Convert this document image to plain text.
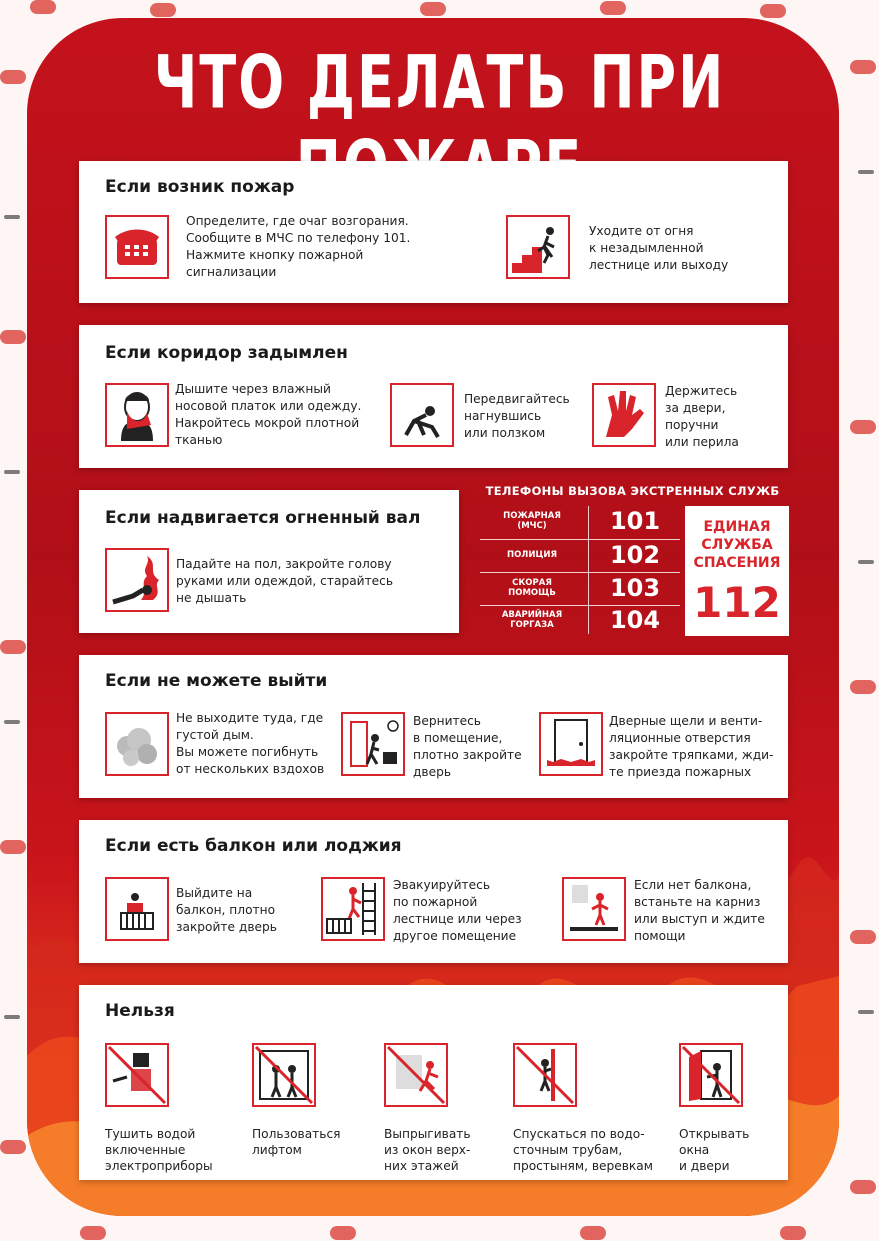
ЧТО ДЕЛАТЬ ПРИ
Если возник пожар

Определите, где очаг возгорания.
Сообщите в МЧС по телефону 101.
Нажмите кнопку пожарной
сигнализации

Уходите от огня
к незадымленной
лестнице или выходу

Если коридор задымлен

Дышите через влажный
носовой платок или одежду.
Накройтесь мокрой плотной
тканью

Передвигайтесь
нагнувшись
или ползком

Держитесь
за двери,
поручни
или перила

Если надвигается огненный вал

Падайте на пол, закройте голову
руками или одеждой, старайтесь
не дышать

ТЕЛЕФОНЫ ВЫЗОВА ЭКСТРЕННЫХ СЛУЖБ
ПОЖАРНАЯ
(МЧС)	101
ПОЛИЦИЯ	102
СКОРАЯ
ПОМОЩЬ	103
АВАРИЙНАЯ
ГОРГАЗА	104
ЕДИНАЯ
СЛУЖБА
СПАСЕНИЯ
112
Если не можете выйти

Не выходите туда, где
густой дым.
Вы можете погибнуть
от нескольких вздохов

Вернитесь
в помещение,
плотно закройте
дверь

Дверные щели и венти-
ляционные отверстия
закройте тряпками, жди-
те приезда пожарных

Если есть балкон или лоджия

Выйдите на
балкон, плотно
закройте дверь

Эвакуируйтесь
по пожарной
лестнице или через
другое помещение

Если нет балкона,
встаньте на карниз
или выступ и ждите
помощи

Нельзя

Тушить водой
включенные
электроприборы

Пользоваться
лифтом

Выпрыгивать
из окон верх-
них этажей

Спускаться по водо-
сточным трубам,
простыням, веревкам

Открывать
окна
и двери
